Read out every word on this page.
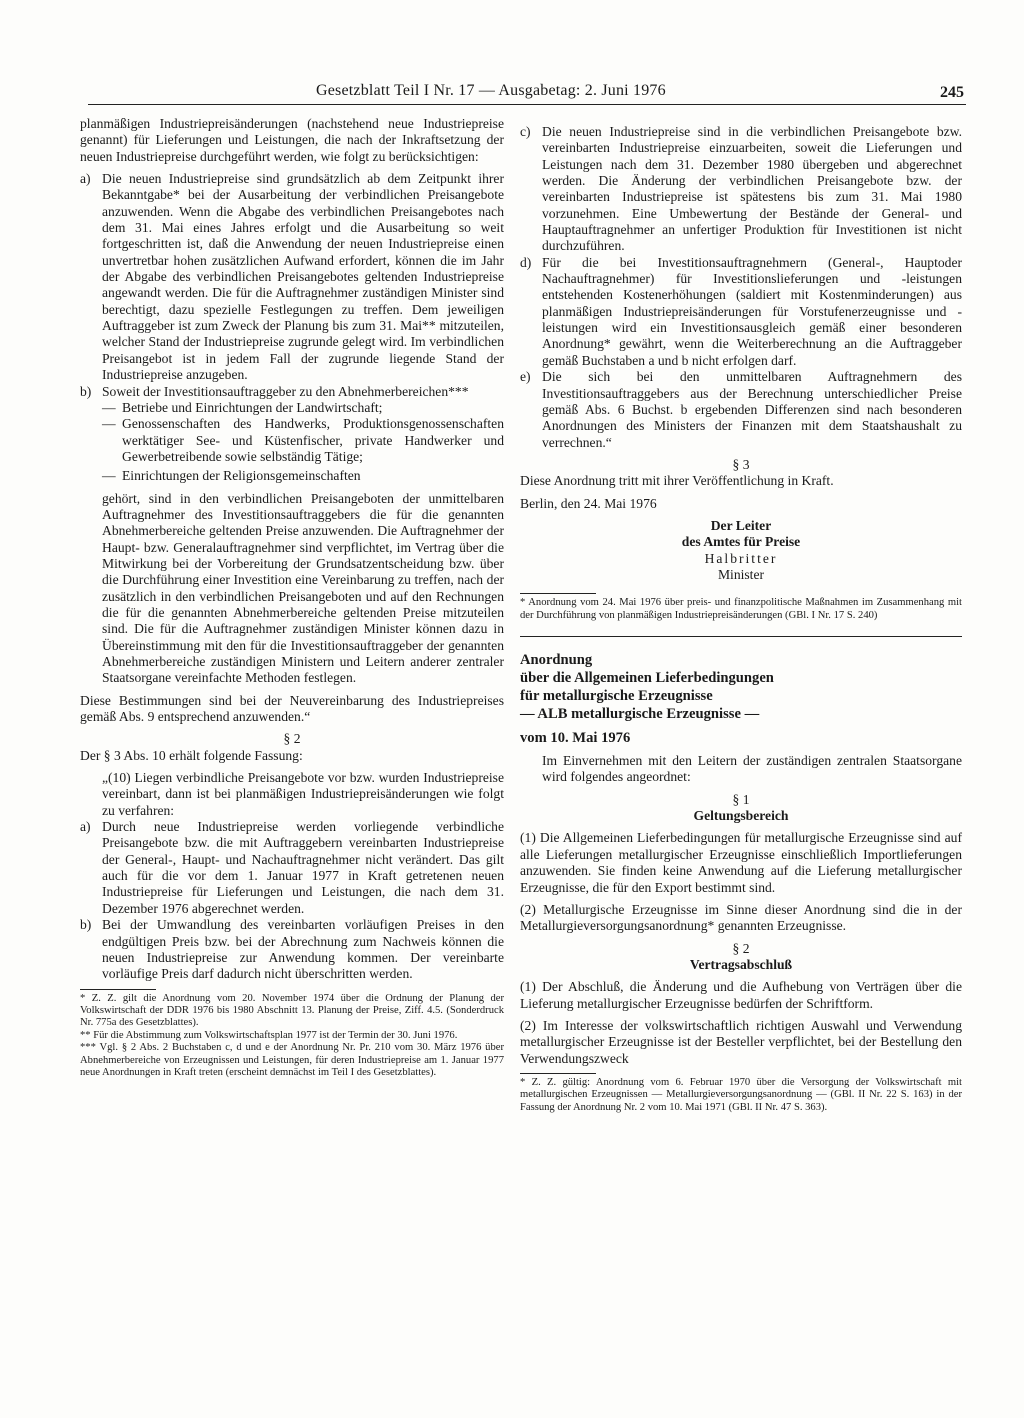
Gesetzblatt Teil I Nr. 17 — Ausgabetag: 2. Juni 1976	245

planmäßigen Industriepreisänderungen (nachstehend neue Industriepreise genannt) für Lieferungen und Leistungen, die nach der Inkraftsetzung der neuen Industriepreise durchgeführt werden, wie folgt zu berücksichtigen:

a) Die neuen Industriepreise sind grundsätzlich ab dem Zeitpunkt ihrer Bekanntgabe* bei der Ausarbeitung der verbindlichen Preisangebote anzuwenden. Wenn die Abgabe des verbindlichen Preisangebotes nach dem 31. Mai eines Jahres erfolgt und die Ausarbeitung so weit fortgeschritten ist, daß die Anwendung der neuen Industriepreise einen unvertretbar hohen zusätzlichen Aufwand erfordert, können die im Jahr der Abgabe des verbindlichen Preisangebotes geltenden Industriepreise angewandt werden. Die für die Auftragnehmer zuständigen Minister sind berechtigt, dazu spezielle Festlegungen zu treffen. Dem jeweiligen Auftraggeber ist zum Zweck der Planung bis zum 31. Mai** mitzuteilen, welcher Stand der Industriepreise zugrunde gelegt wird. Im verbindlichen Preisangebot ist in jedem Fall der zugrunde liegende Stand der Industriepreise anzugeben.
b) Soweit der Investitionsauftraggeber zu den Abnehmerbereichen***
— Betriebe und Einrichtungen der Landwirtschaft;
— Genossenschaften des Handwerks, Produktionsgenossenschaften werktätiger See- und Küstenfischer, private Handwerker und Gewerbetreibende sowie selbständig Tätige;
— Einrichtungen der Religionsgemeinschaften

gehört, sind in den verbindlichen Preisangeboten der unmittelbaren Auftragnehmer des Investitionsauftraggebers die für die genannten Abnehmerbereiche geltenden Preise anzuwenden. Die Auftragnehmer der Haupt- bzw. Generalauftragnehmer sind verpflichtet, im Vertrag über die Mitwirkung bei der Vorbereitung der Grundsatzentscheidung bzw. über die Durchführung einer Investition eine Vereinbarung zu treffen, nach der zusätzlich in den verbindlichen Preisangeboten und auf den Rechnungen die für die genannten Abnehmerbereiche geltenden Preise mitzuteilen sind. Die für die Auftragnehmer zuständigen Minister können dazu in Übereinstimmung mit den für die Investitionsauftraggeber der genannten Abnehmerbereiche zuständigen Ministern und Leitern anderer zentraler Staatsorgane vereinfachte Methoden festlegen.

Diese Bestimmungen sind bei der Neuvereinbarung des Industriepreises gemäß Abs. 9 entsprechend anzuwenden.“

§ 2

Der § 3 Abs. 10 erhält folgende Fassung:

„(10) Liegen verbindliche Preisangebote vor bzw. wurden Industriepreise vereinbart, dann ist bei planmäßigen Industriepreisänderungen wie folgt zu verfahren:

a) Durch neue Industriepreise werden vorliegende verbindliche Preisangebote bzw. die mit Auftraggebern vereinbarten Industriepreise der General-, Haupt- und Nachauftragnehmer nicht verändert. Das gilt auch für die vor dem 1. Januar 1977 in Kraft getretenen neuen Industriepreise für Lieferungen und Leistungen, die nach dem 31. Dezember 1976 abgerechnet werden.
b) Bei der Umwandlung des vereinbarten vorläufigen Preises in den endgültigen Preis bzw. bei der Abrechnung zum Nachweis können die neuen Industriepreise zur Anwendung kommen. Der vereinbarte vorläufige Preis darf dadurch nicht überschritten werden.

* Z. Z. gilt die Anordnung vom 20. November 1974 über die Ordnung der Planung der Volkswirtschaft der DDR 1976 bis 1980 Abschnitt 13. Planung der Preise, Ziff. 4.5. (Sonderdruck Nr. 775a des Gesetzblattes).

** Für die Abstimmung zum Volkswirtschaftsplan 1977 ist der Termin der 30. Juni 1976.

*** Vgl. § 2 Abs. 2 Buchstaben c, d und e der Anordnung Nr. Pr. 210 vom 30. März 1976 über Abnehmerbereiche von Erzeugnissen und Leistungen, für deren Industriepreise am 1. Januar 1977 neue Anordnungen in Kraft treten (erscheint demnächst im Teil I des Gesetzblattes).

c) Die neuen Industriepreise sind in die verbindlichen Preisangebote bzw. vereinbarten Industriepreise einzuarbeiten, soweit die Lieferungen und Leistungen nach dem 31. Dezember 1980 übergeben und abgerechnet werden. Die Änderung der verbindlichen Preisangebote bzw. der vereinbarten Industriepreise ist spätestens bis zum 31. Mai 1980 vorzunehmen. Eine Umbewertung der Bestände der General- und Hauptauftragnehmer an unfertiger Produktion für Investitionen ist nicht durchzuführen.
d) Für die bei Investitionsauftragnehmern (General-, Hauptoder Nachauftragnehmer) für Investitionslieferungen und -leistungen entstehenden Kostenerhöhungen (saldiert mit Kostenminderungen) aus planmäßigen Industriepreisänderungen für Vorstufenerzeugnisse und -leistungen wird ein Investitionsausgleich gemäß einer besonderen Anordnung* gewährt, wenn die Weiterberechnung an die Auftraggeber gemäß Buchstaben a und b nicht erfolgen darf.
e) Die sich bei den unmittelbaren Auftragnehmern des Investitionsauftraggebers aus der Berechnung unterschiedlicher Preise gemäß Abs. 6 Buchst. b ergebenden Differenzen sind nach besonderen Anordnungen des Ministers der Finanzen mit dem Staatshaushalt zu verrechnen.“

§ 3

Diese Anordnung tritt mit ihrer Veröffentlichung in Kraft.

Berlin, den 24. Mai 1976

Der Leiter

des Amtes für Preise

Halbritter

Minister

* Anordnung vom 24. Mai 1976 über preis- und finanzpolitische Maßnahmen im Zusammenhang mit der Durchführung von planmäßigen Industriepreisänderungen (GBl. I Nr. 17 S. 240)

Anordnung

über die Allgemeinen Lieferbedingungen

für metallurgische Erzeugnisse

— ALB metallurgische Erzeugnisse —

vom 10. Mai 1976

Im Einvernehmen mit den Leitern der zuständigen zentralen Staatsorgane wird folgendes angeordnet:

§ 1

Geltungsbereich

(1) Die Allgemeinen Lieferbedingungen für metallurgische Erzeugnisse sind auf alle Lieferungen metallurgischer Erzeugnisse einschließlich Importlieferungen anzuwenden. Sie finden keine Anwendung auf die Lieferung metallurgischer Erzeugnisse, die für den Export bestimmt sind.

(2) Metallurgische Erzeugnisse im Sinne dieser Anordnung sind die in der Metallurgieversorgungsanordnung* genannten Erzeugnisse.

§ 2

Vertragsabschluß

(1) Der Abschluß, die Änderung und die Aufhebung von Verträgen über die Lieferung metallurgischer Erzeugnisse bedürfen der Schriftform.

(2) Im Interesse der volkswirtschaftlich richtigen Auswahl und Verwendung metallurgischer Erzeugnisse ist der Besteller verpflichtet, bei der Bestellung den Verwendungszweck

* Z. Z. gültig: Anordnung vom 6. Februar 1970 über die Versorgung der Volkswirtschaft mit metallurgischen Erzeugnissen — Metallurgieversorgungsanordnung — (GBl. II Nr. 22 S. 163) in der Fassung der Anordnung Nr. 2 vom 10. Mai 1971 (GBl. II Nr. 47 S. 363).
